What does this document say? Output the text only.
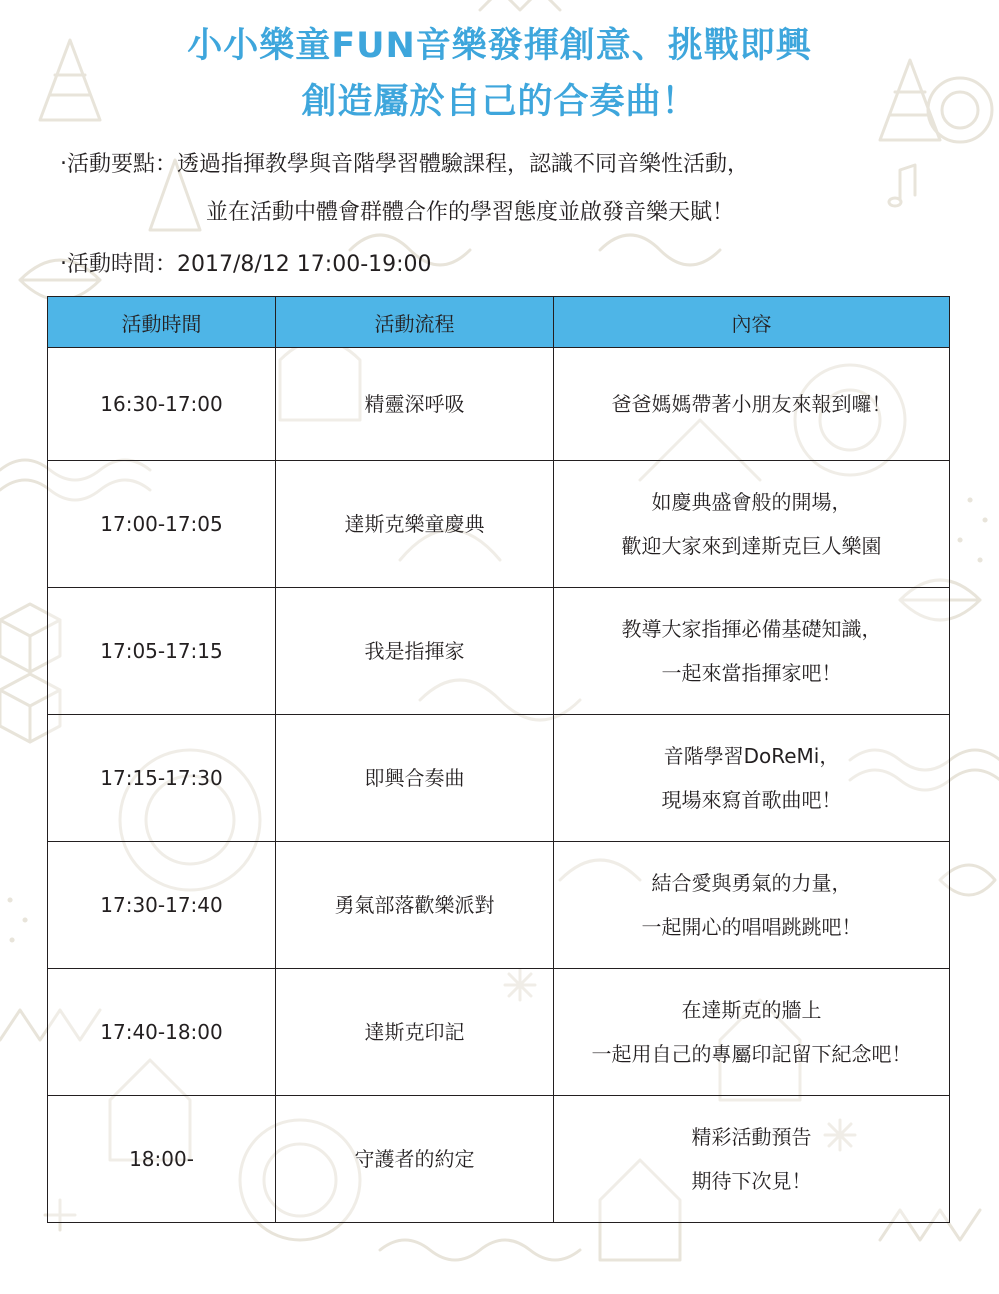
小小樂童FUN音樂發揮創意、挑戰即興
創造屬於自己的合奏曲！
‧活動要點：透過指揮教學與音階學習體驗課程，認識不同音樂性活動，
並在活動中體會群體合作的學習態度並啟發音樂天賦！
‧活動時間：2017/8/12 17:00-19:00
活動時間	活動流程	內容
16:30-17:00	精靈深呼吸	爸爸媽媽帶著小朋友來報到囉！

17:00-17:05	達斯克樂童慶典	如慶典盛會般的開場，
歡迎大家來到達斯克巨人樂園

17:05-17:15	我是指揮家	教導大家指揮必備基礎知識，
一起來當指揮家吧！

17:15-17:30	即興合奏曲	音階學習DoReMi，
現場來寫首歌曲吧！

17:30-17:40	勇氣部落歡樂派對	結合愛與勇氣的力量，
一起開心的唱唱跳跳吧！

17:40-18:00	達斯克印記	在達斯克的牆上
一起用自己的專屬印記留下紀念吧！

18:00-	守護者的約定	精彩活動預告
期待下次見！
